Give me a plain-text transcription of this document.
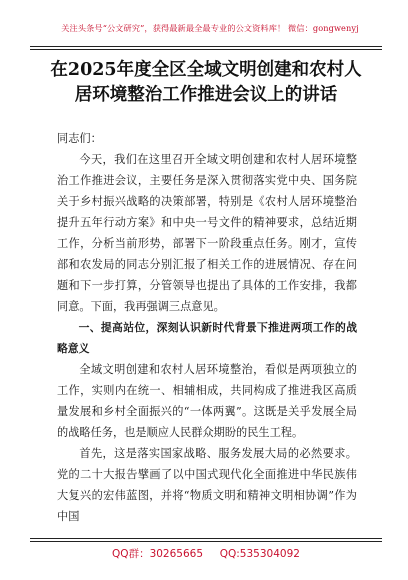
关注头条号“公文研究”，获得最新最全最专业的公文资料库！ 微信：gongwenyj
在2025年度全区全域文明创建和农村人
居环境整治工作推进会议上的讲话

同志们：

今天，我们在这里召开全域文明创建和农村人居环境整治工作推进会议，主要任务是深入贯彻落实党中央、国务院关于乡村振兴战略的决策部署，特别是《农村人居环境整治提升五年行动方案》和中央一号文件的精神要求，总结近期工作，分析当前形势，部署下一阶段重点任务。刚才，宣传部和农发局的同志分别汇报了相关工作的进展情况、存在问题和下一步打算，分管领导也提出了具体的工作安排，我都同意。下面，我再强调三点意见。

一、提高站位，深刻认识新时代背景下推进两项工作的战略意义

全域文明创建和农村人居环境整治，看似是两项独立的工作，实则内在统一、相辅相成，共同构成了推进我区高质量发展和乡村全面振兴的“一体两翼”。这既是关乎发展全局的战略任务，也是顺应人民群众期盼的民生工程。

首先，这是落实国家战略、服务发展大局的必然要求。党的二十大报告擘画了以中国式现代化全面推进中华民族伟大复兴的宏伟蓝图，并将“物质文明和精神文明相协调”作为中国

QQ群：30265665 QQ:535304092
